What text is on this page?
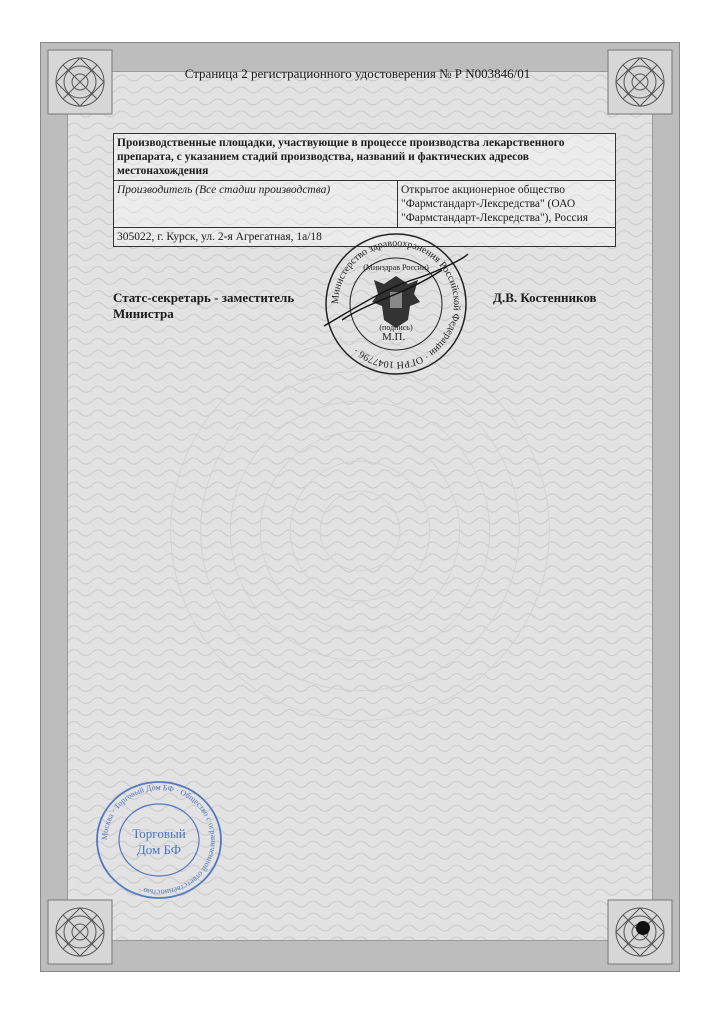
Страница 2 регистрационного удостоверения № Р N003846/01
Производственные площадки, участвующие в процессе производства лекарственного препарата, с указанием стадий производства, названий и фактических адресов местонахождения
Производитель (Все стадии производства)	Открытое акционерное общество
"Фармстандарт-Лексредства" (ОАО
"Фармстандарт-Лексредства"), Россия

305022, г. Курск, ул. 2-я Агрегатная, 1а/18
Статс-секретарь - заместитель
Министра
Д.В. Костенников
Министерство здравоохранения Российской Федерации · ОГРН 1047796 ·
(Минздрав России)
(подпись)
М.П.
Москва · Торговый Дом БФ · Общество с ограниченной ответственностью ·
Торговый
Дом БФ
